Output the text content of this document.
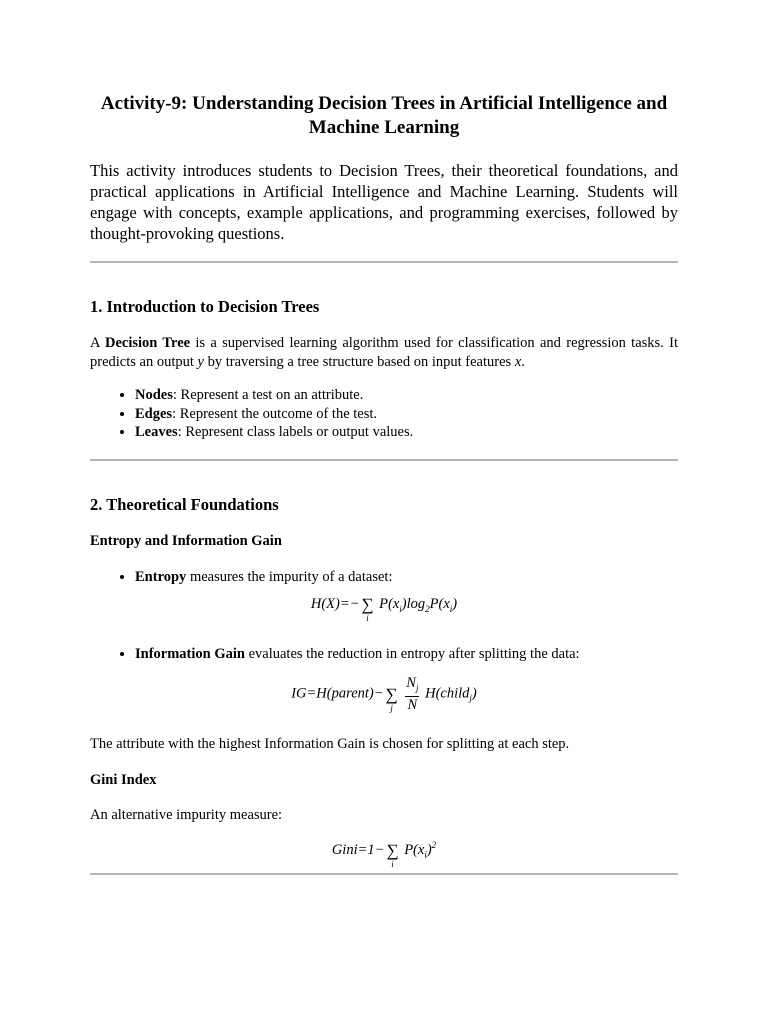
Activity-9: Understanding Decision Trees in Artificial Intelligence and Machine Learning

This activity introduces students to Decision Trees, their theoretical foundations, and practical applications in Artificial Intelligence and Machine Learning. Students will engage with concepts, example applications, and programming exercises, followed by thought-provoking questions.

1. Introduction to Decision Trees

A Decision Tree is a supervised learning algorithm used for classification and regression tasks. It predicts an output y by traversing a tree structure based on input features x.

• Nodes: Represent a test on an attribute.
• Edges: Represent the outcome of the test.
• Leaves: Represent class labels or output values.
2. Theoretical Foundations
Entropy and Information Gain
• Entropy measures the impurity of a dataset:
H(X)=− ∑
i
$P(x_i)\log_2P(x_i)$
• Information Gain evaluates the reduction in entropy after splitting the data:
IG=H(parent)− ∑
j
$\frac{N_j}{N}$ H(child$_j$)

The attribute with the highest Information Gain is chosen for splitting at each step.

Gini Index

An alternative impurity measure:

Gini=1− ∑
i
$P(x_i)^2$
